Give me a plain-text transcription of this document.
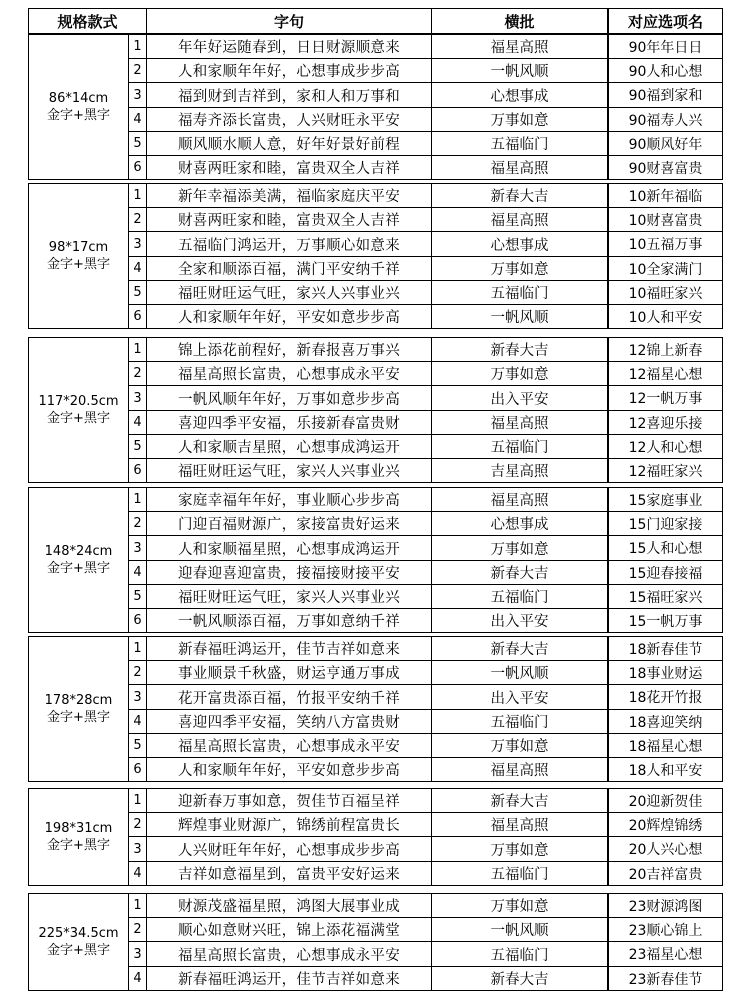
规格款式	字句	横批	对应选项名
86*14cm
金字+黑字
1	年年好运随春到，日日财源顺意来	福星高照	90年年日日
2	人和家顺年年好，心想事成步步高	一帆风顺	90人和心想
3	福到财到吉祥到，家和人和万事和	心想事成	90福到家和
4	福寿齐添长富贵，人兴财旺永平安	万事如意	90福寿人兴
5	顺风顺水顺人意，好年好景好前程	五福临门	90顺风好年
6	财喜两旺家和睦，富贵双全人吉祥	福星高照	90财喜富贵
98*17cm
金字+黑字
1	新年幸福添美满，福临家庭庆平安	新春大吉	10新年福临
2	财喜两旺家和睦，富贵双全人吉祥	福星高照	10财喜富贵
3	五福临门鸿运开，万事顺心如意来	心想事成	10五福万事
4	全家和顺添百福，满门平安纳千祥	万事如意	10全家满门
5	福旺财旺运气旺，家兴人兴事业兴	五福临门	10福旺家兴
6	人和家顺年年好，平安如意步步高	一帆风顺	10人和平安
117*20.5cm
金字+黑字
1	锦上添花前程好，新春报喜万事兴	新春大吉	12锦上新春
2	福星高照长富贵，心想事成永平安	万事如意	12福星心想
3	一帆风顺年年好，万事如意步步高	出入平安	12一帆万事
4	喜迎四季平安福，乐接新春富贵财	福星高照	12喜迎乐接
5	人和家顺吉星照，心想事成鸿运开	五福临门	12人和心想
6	福旺财旺运气旺，家兴人兴事业兴	吉星高照	12福旺家兴
148*24cm
金字+黑字
1	家庭幸福年年好，事业顺心步步高	福星高照	15家庭事业
2	门迎百福财源广，家接富贵好运来	心想事成	15门迎家接
3	人和家顺福星照，心想事成鸿运开	万事如意	15人和心想
4	迎春迎喜迎富贵，接福接财接平安	新春大吉	15迎春接福
5	福旺财旺运气旺，家兴人兴事业兴	五福临门	15福旺家兴
6	一帆风顺添百福，万事如意纳千祥	出入平安	15一帆万事
178*28cm
金字+黑字
1	新春福旺鸿运开，佳节吉祥如意来	新春大吉	18新春佳节
2	事业顺景千秋盛，财运亨通万事成	一帆风顺	18事业财运
3	花开富贵添百福，竹报平安纳千祥	出入平安	18花开竹报
4	喜迎四季平安福，笑纳八方富贵财	五福临门	18喜迎笑纳
5	福星高照长富贵，心想事成永平安	万事如意	18福星心想
6	人和家顺年年好，平安如意步步高	福星高照	18人和平安
198*31cm
金字+黑字
1	迎新春万事如意，贺佳节百福呈祥	新春大吉	20迎新贺佳
2	辉煌事业财源广，锦绣前程富贵长	福星高照	20辉煌锦绣
3	人兴财旺年年好，心想事成步步高	万事如意	20人兴心想
4	吉祥如意福星到，富贵平安好运来	五福临门	20吉祥富贵
225*34.5cm
金字+黑字
1	财源茂盛福星照，鸿图大展事业成	万事如意	23财源鸿图
2	顺心如意财兴旺，锦上添花福满堂	一帆风顺	23顺心锦上
3	福星高照长富贵，心想事成永平安	五福临门	23福星心想
4	新春福旺鸿运开，佳节吉祥如意来	新春大吉	23新春佳节
